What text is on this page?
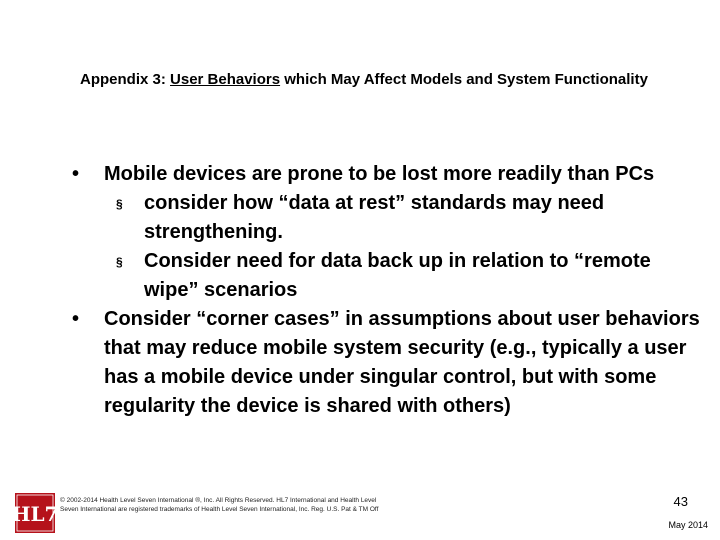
Appendix 3: User Behaviors which May Affect Models and System Functionality
• Mobile devices are prone to be lost more readily than PCs
§ consider how “data at rest” standards may need strengthening.
§ Consider need for data back up in relation to “remote wipe” scenarios
• Consider “corner cases” in assumptions about user behaviors that may reduce mobile system security (e.g., typically a user has a mobile device under singular control, but with some regularity the device is shared with others)
HL7
© 2002-2014 Health Level Seven International ®, Inc. All Rights Reserved. HL7 International and Health Level Seven International are registered trademarks of Health Level Seven International, Inc. Reg. U.S. Pat & TM Off
43
May 2014
